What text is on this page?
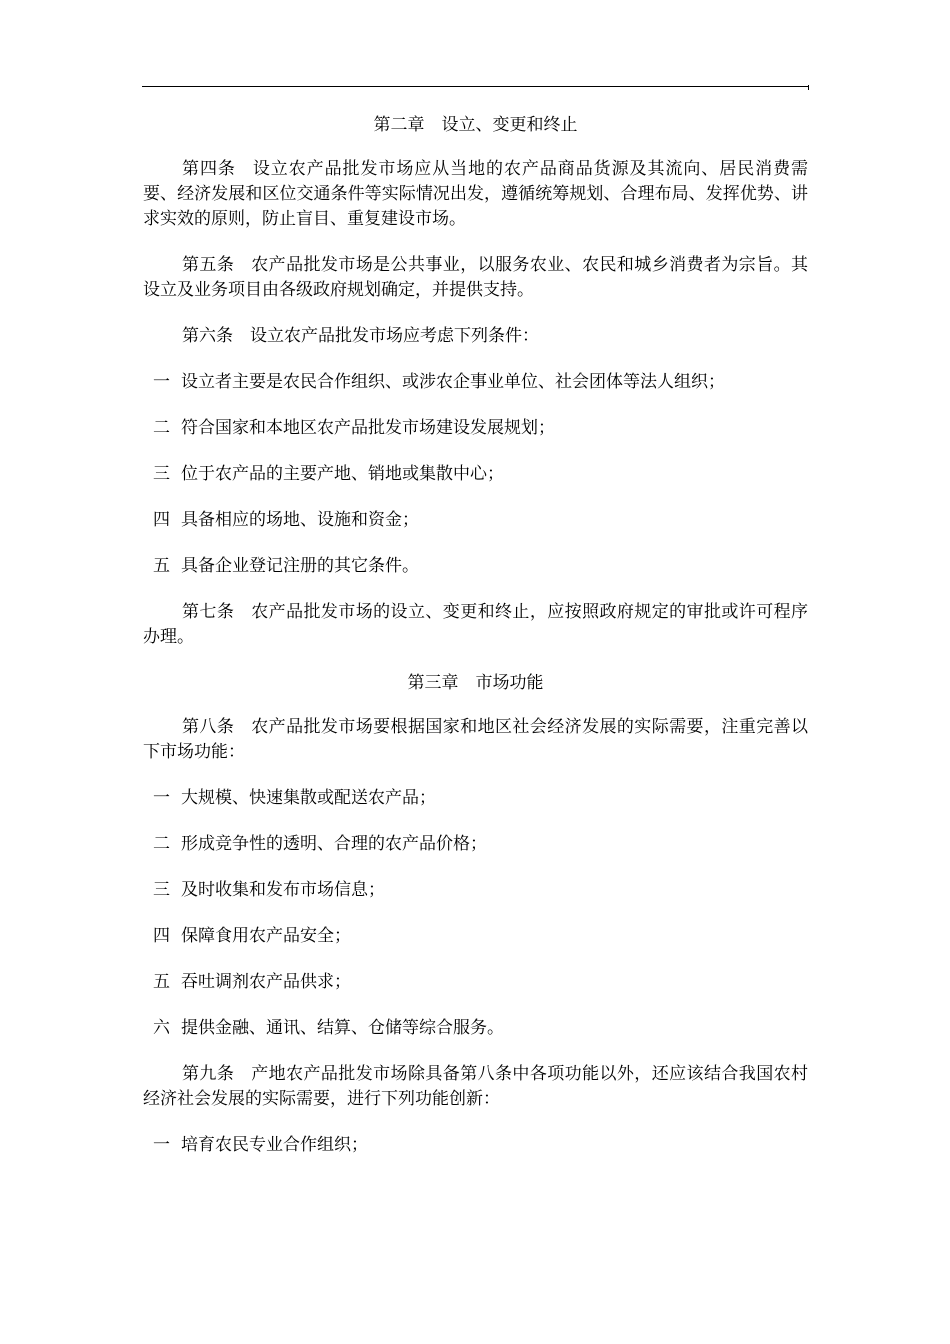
第二章 设立、变更和终止

第四条 设立农产品批发市场应从当地的农产品商品货源及其流向、居民消费需要、经济发展和区位交通条件等实际情况出发，遵循统筹规划、合理布局、发挥优势、讲求实效的原则，防止盲目、重复建设市场。

第五条 农产品批发市场是公共事业，以服务农业、农民和城乡消费者为宗旨。其设立及业务项目由各级政府规划确定，并提供支持。

第六条 设立农产品批发市场应考虑下列条件：

一 设立者主要是农民合作组织、或涉农企事业单位、社会团体等法人组织；

二 符合国家和本地区农产品批发市场建设发展规划；

三 位于农产品的主要产地、销地或集散中心；

四 具备相应的场地、设施和资金；

五 具备企业登记注册的其它条件。

第七条 农产品批发市场的设立、变更和终止，应按照政府规定的审批或许可程序办理。

第三章 市场功能

第八条 农产品批发市场要根据国家和地区社会经济发展的实际需要，注重完善以下市场功能：

一 大规模、快速集散或配送农产品；

二 形成竞争性的透明、合理的农产品价格；

三 及时收集和发布市场信息；

四 保障食用农产品安全；

五 吞吐调剂农产品供求；

六 提供金融、通讯、结算、仓储等综合服务。

第九条 产地农产品批发市场除具备第八条中各项功能以外，还应该结合我国农村经济社会发展的实际需要，进行下列功能创新：

一 培育农民专业合作组织；
